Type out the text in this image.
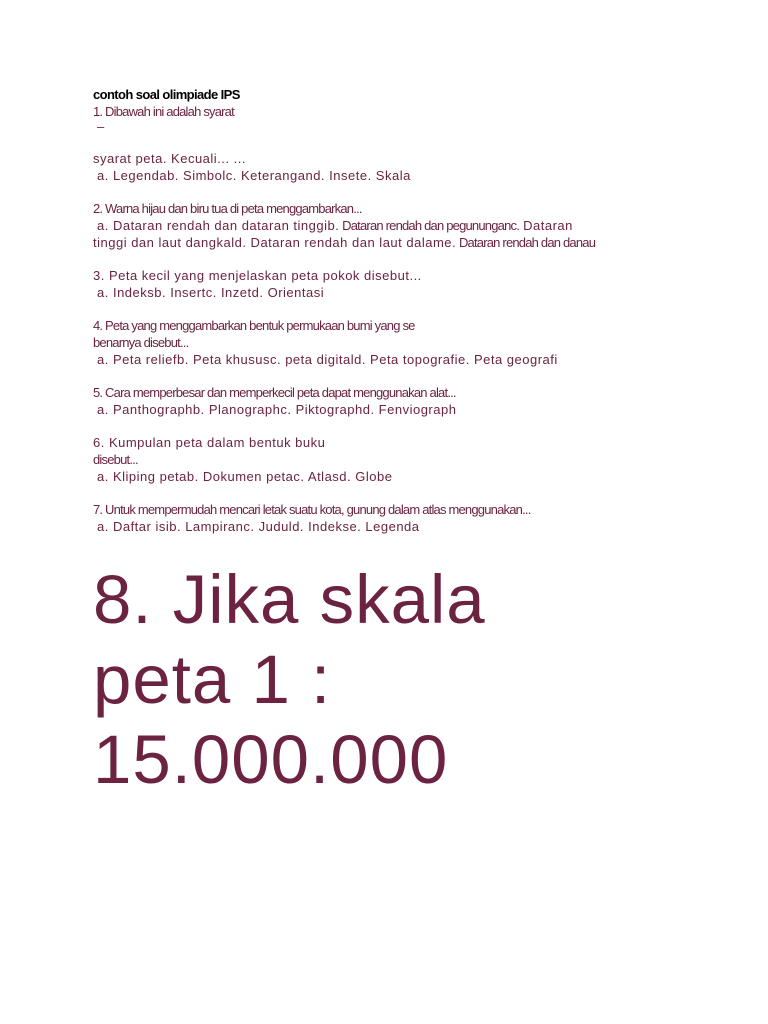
contoh soal olimpiade IPS
1. Dibawah ini adalah syarat
–
syarat peta. Kecuali... ...
a. Legendab. Simbolc. Keterangand. Insete. Skala
2. Warna hijau dan biru tua di peta menggambarkan...
a. Dataran rendah dan dataran tinggib. Dataran rendah dan pegununganc. Dataran
tinggi dan laut dangkald. Dataran rendah dan laut dalame. Dataran rendah dan danau
3. Peta kecil yang menjelaskan peta pokok disebut...
a. Indeksb. Insertc. Inzetd. Orientasi
4. Peta yang menggambarkan bentuk permukaan bumi yang se
benarnya disebut...
a. Peta reliefb. Peta khususc. peta digitald. Peta topografie. Peta geografi
5. Cara memperbesar dan memperkecil peta dapat menggunakan alat...
a. Panthographb. Planographc. Piktographd. Fenviograph
6. Kumpulan peta dalam bentuk buku
disebut...
a. Kliping petab. Dokumen petac. Atlasd. Globe
7. Untuk mempermudah mencari letak suatu kota, gunung dalam atlas menggunakan...
a. Daftar isib. Lampiranc. Juduld. Indekse. Legenda
8. Jika skala
peta 1 :
15.000.000
